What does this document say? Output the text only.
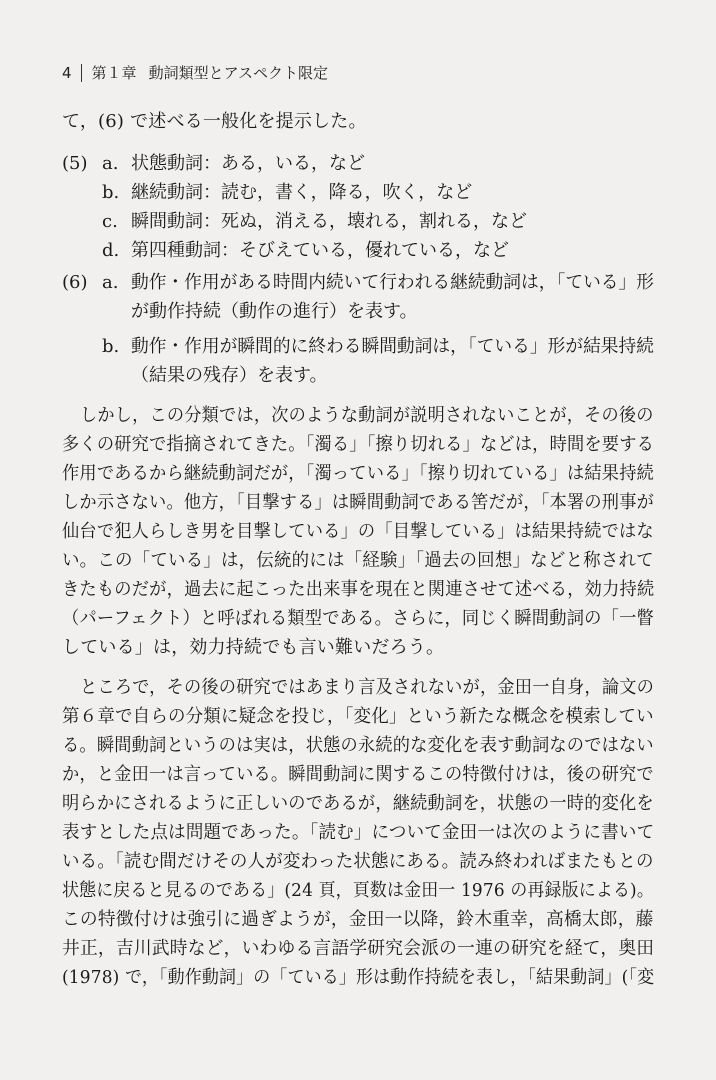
4 第１章 動詞類型とアスペクト限定
て，(6) で述べる一般化を提示した。
(5) a. 状態動詞：ある，いる，など
b. 継続動詞：読む，書く，降る，吹く，など
c. 瞬間動詞：死ぬ，消える，壊れる，割れる，など
d. 第四種動詞：そびえている，優れている，など
(6) a. 動作・作用がある時間内続いて行われる継続動詞は，「ている」形
が動作持続（動作の進行）を表す。
b. 動作・作用が瞬間的に終わる瞬間動詞は，「ている」形が結果持続
（結果の残存）を表す。
しかし，この分類では，次のような動詞が説明されないことが，その後の
多くの研究で指摘されてきた。「濁る」「擦り切れる」などは，時間を要する
作用であるから継続動詞だが，「濁っている」「擦り切れている」は結果持続
しか示さない。他方，「目撃する」は瞬間動詞である筈だが，「本署の刑事が
仙台で犯人らしき男を目撃している」の「目撃している」は結果持続ではな
い。この「ている」は，伝統的には「経験」「過去の回想」などと称されて
きたものだが，過去に起こった出来事を現在と関連させて述べる，効力持続
（パーフェクト）と呼ばれる類型である。さらに，同じく瞬間動詞の「一瞥
している」は，効力持続でも言い難いだろう。
ところで，その後の研究ではあまり言及されないが，金田一自身，論文の
第６章で自らの分類に疑念を投じ，「変化」という新たな概念を模索してい
る。瞬間動詞というのは実は，状態の永続的な変化を表す動詞なのではない
か，と金田一は言っている。瞬間動詞に関するこの特徴付けは，後の研究で
明らかにされるように正しいのであるが，継続動詞を，状態の一時的変化を
表すとした点は問題であった。「読む」について金田一は次のように書いて
いる。「読む間だけその人が変わった状態にある。読み終わればまたもとの
状態に戻ると見るのである」(24 頁，頁数は金田一 1976 の再録版による)。
この特徴付けは強引に過ぎようが，金田一以降，鈴木重幸，高橋太郎，藤
井正，吉川武時など，いわゆる言語学研究会派の一連の研究を経て，奥田
(1978) で，「動作動詞」の「ている」形は動作持続を表し，「結果動詞」(「変
